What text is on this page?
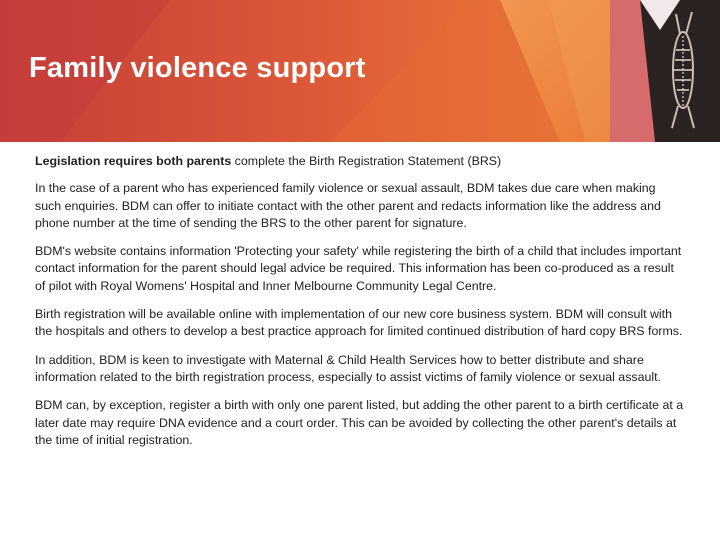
Family violence support

Legislation requires both parents complete the Birth Registration Statement (BRS)

In the case of a parent who has experienced family violence or sexual assault, BDM takes due care when making such enquiries. BDM can offer to initiate contact with the other parent and redacts information like the address and phone number at the time of sending the BRS to the other parent for signature.

BDM's website contains information 'Protecting your safety' while registering the birth of a child that includes important contact information for the parent should legal advice be required. This information has been co-produced as a result of pilot with Royal Womens' Hospital and Inner Melbourne Community Legal Centre.

Birth registration will be available online with implementation of our new core business system. BDM will consult with the hospitals and others to develop a best practice approach for limited continued distribution of hard copy BRS forms.

In addition, BDM is keen to investigate with Maternal & Child Health Services how to better distribute and share information related to the birth registration process, especially to assist victims of family violence or sexual assault.

BDM can, by exception, register a birth with only one parent listed, but adding the other parent to a birth certificate at a later date may require DNA evidence and a court order. This can be avoided by collecting the other parent's details at the time of initial registration.
